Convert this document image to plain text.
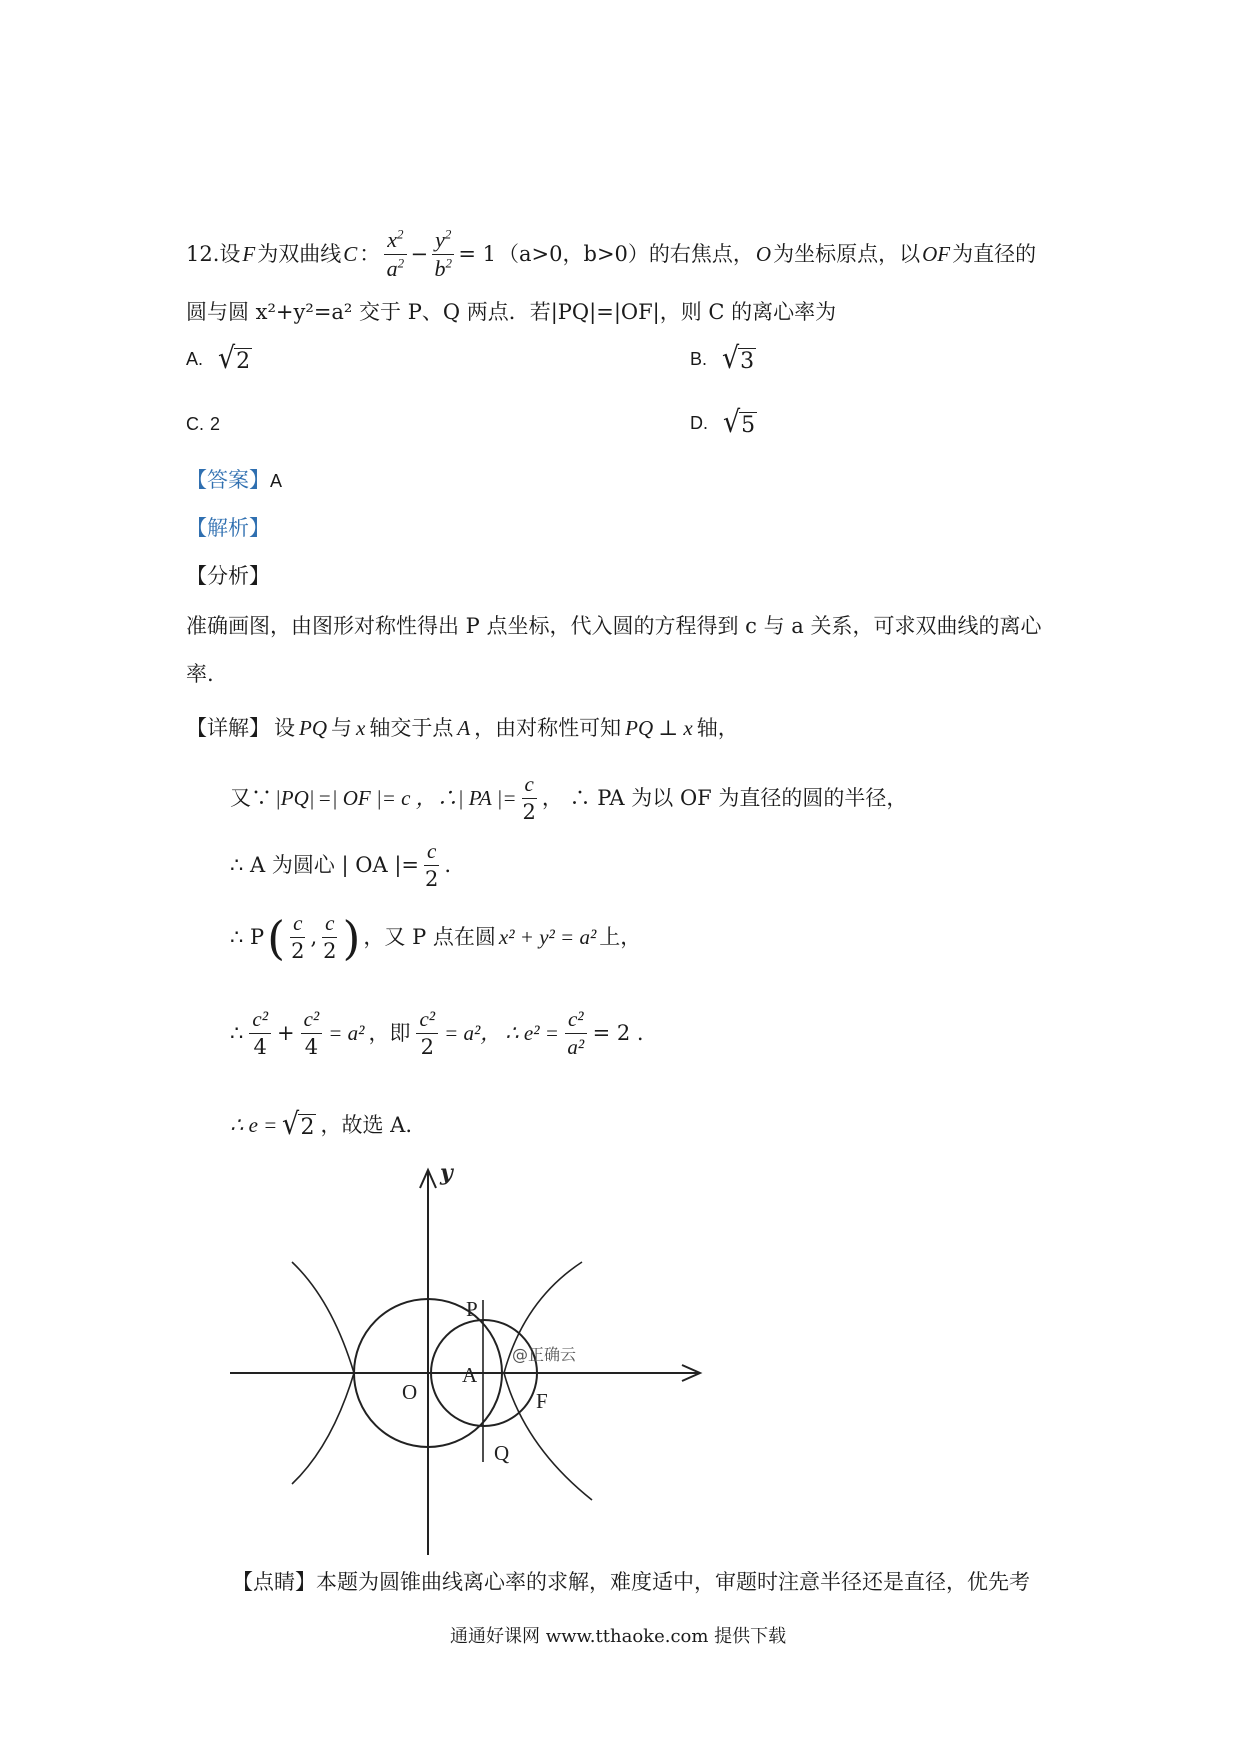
12.设 F 为双曲线 C ： $\frac{x^2}{a^2} - \frac{y^2}{b^2} = 1$ （a>0，b>0）的右焦点， O 为坐标原点，以 OF 为直径的
圆与圆 x²+y²=a² 交于 P、Q 两点．若|PQ|=|OF|，则 C 的离心率为
A. √ 2	B. √ 3
C. 2	D. √ 5
【答案】A
【解析】
【分析】
准确画图，由图形对称性得出 P 点坐标，代入圆的方程得到 c 与 a 关系，可求双曲线的离心
率.
【详解】 设 PQ 与 x 轴交于点 A ，由对称性可知 PQ ⊥ x 轴，
又∵ |PQ| =| OF |= c ，∴| PA |= $\frac{c}{2}$ ， ∴ PA 为以 OF 为直径的圆的半径，
∴ A 为圆心 | OA |= $\frac{c}{2}$ .
∴ P ( $\frac{c}{2}$ , $\frac{c}{2}$ ) ，又 P 点在圆 x² + y² = a² 上，
∴ $\frac{\text{c²}}{4} + \frac{\text{c²}}{4} = a^2$ ，即 $\frac{\text{c²}}{2} = a^2$， ∴ $e^2 = \frac{\text{c²}}{\text{a²}} = 2$ .
∴ e = √ 2 ，故选 A.
y
P
A
O	F
Q
@正确云
【点睛】本题为圆锥曲线离心率的求解，难度适中，审题时注意半径还是直径，优先考
通通好课网 www.tthaoke.com 提供下载
